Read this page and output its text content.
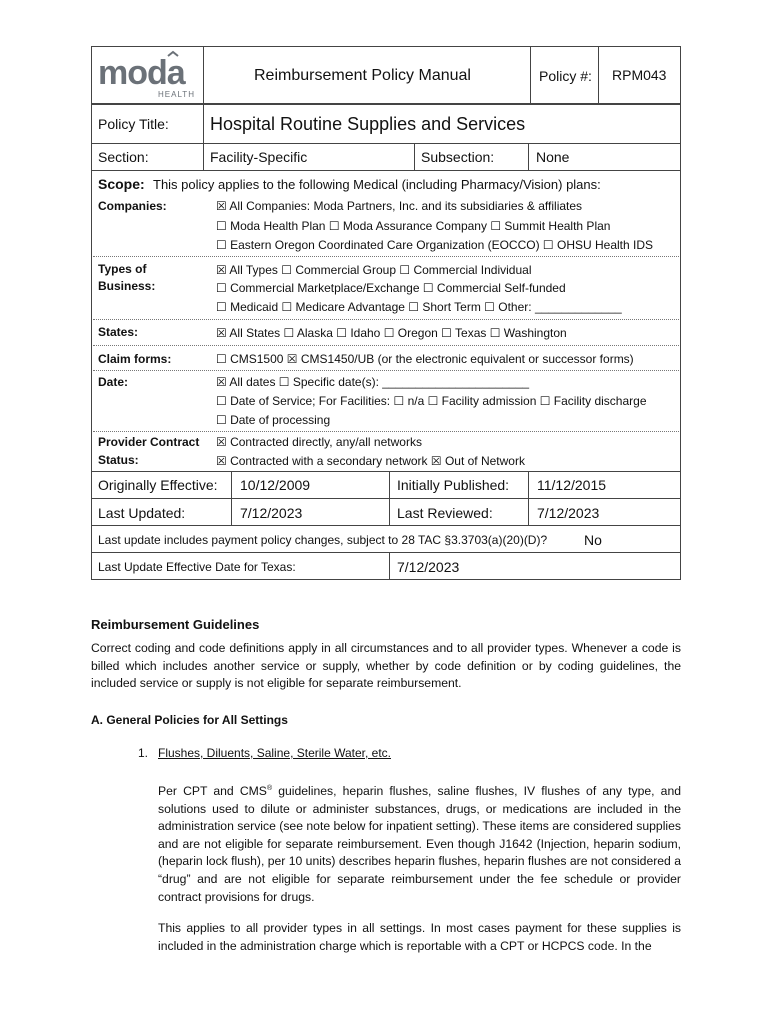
moda
HEALTH
Reimbursement Policy Manual	Policy #: RPM043
Policy Title: Hospital Routine Supplies and Services
Section:	Facility-Specific	Subsection:	None
Scope: This policy applies to the following Medical (including Pharmacy/Vision) plans:
Companies:	☒ All Companies: Moda Partners, Inc. and its subsidiaries & affiliates
☐ Moda Health Plan ☐ Moda Assurance Company ☐ Summit Health Plan
☐ Eastern Oregon Coordinated Care Organization (EOCCO) ☐ OHSU Health IDS
Types of
Business:
☒ All Types ☐ Commercial Group ☐ Commercial Individual
☐ Commercial Marketplace/Exchange ☐ Commercial Self-funded
☐ Medicaid ☐ Medicare Advantage ☐ Short Term ☐ Other: _____________
States:	☒ All States ☐ Alaska ☐ Idaho ☐ Oregon ☐ Texas ☐ Washington
Claim forms:	☐ CMS1500 ☒ CMS1450/UB (or the electronic equivalent or successor forms)
Date:	☒ All dates ☐ Specific date(s): ______________________
☐ Date of Service; For Facilities: ☐ n/a ☐ Facility admission ☐ Facility discharge
☐ Date of processing
Provider Contract
Status:
☒ Contracted directly, any/all networks
☒ Contracted with a secondary network ☒ Out of Network
Originally Effective: 10/12/2009	Initially Published: 11/12/2015
Last Updated:	7/12/2023	Last Reviewed:	7/12/2023
Last update includes payment policy changes, subject to 28 TAC §3.3703(a)(20)(D)?	No
Last Update Effective Date for Texas:	7/12/2023
Reimbursement Guidelines
Correct coding and code definitions apply in all circumstances and to all provider types. Whenever a code is billed which includes another service or supply, whether by code definition or by coding guidelines, the included service or supply is not eligible for separate reimbursement.
A. General Policies for All Settings
1. Flushes, Diluents, Saline, Sterile Water, etc.
Per CPT and CMS® guidelines, heparin flushes, saline flushes, IV flushes of any type, and solutions used to dilute or administer substances, drugs, or medications are included in the administration service (see note below for inpatient setting). These items are considered supplies and are not eligible for separate reimbursement. Even though J1642 (Injection, heparin sodium, (heparin lock flush), per 10 units) describes heparin flushes, heparin flushes are not considered a “drug” and are not eligible for separate reimbursement under the fee schedule or provider contract provisions for drugs.
This applies to all provider types in all settings. In most cases payment for these supplies is included in the administration charge which is reportable with a CPT or HCPCS code. In the
